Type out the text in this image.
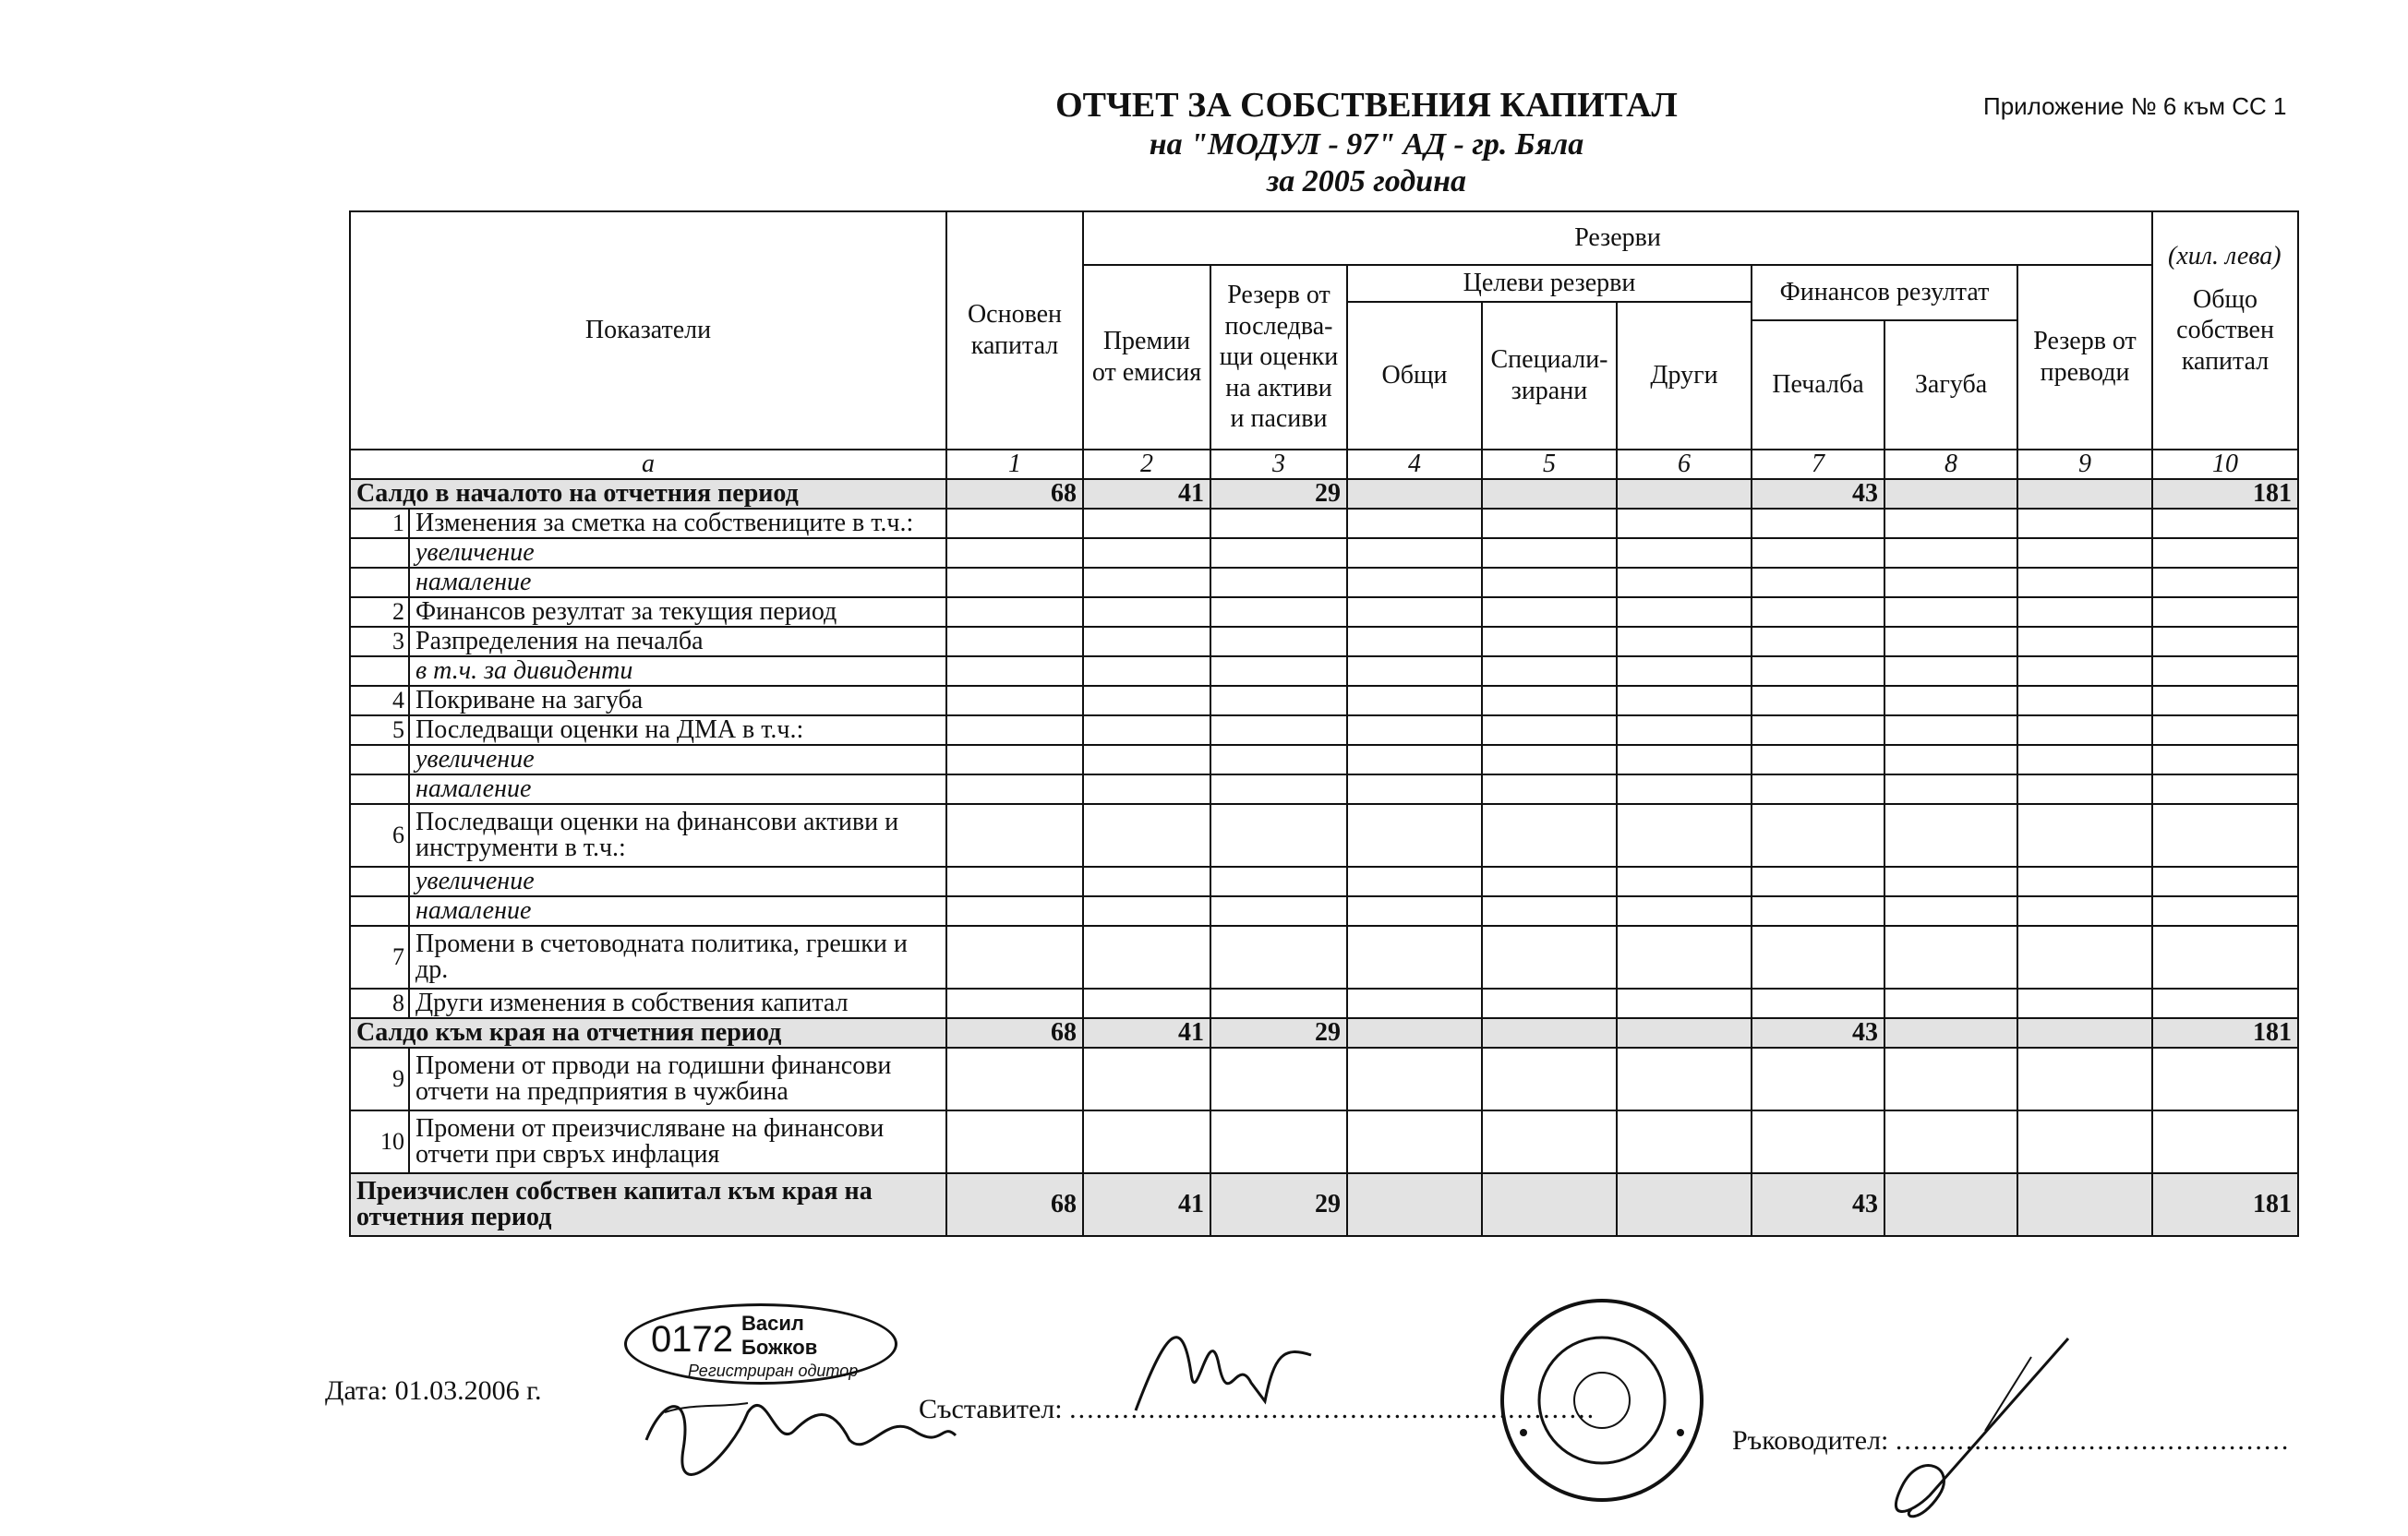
Приложение № 6 към СС 1
ОТЧЕТ ЗА СОБСТВЕНИЯ КАПИТАЛ
на "МОДУЛ - 97" АД - гр. Бяла
за 2005 година
(хил. лева)
Показатели		Основен капитал	Резерви								Общо собствен капитал
			Премии от емисия	Резерв от последва-щи оценки на активи и пасиви	Целеви резерви			Финансов резултат		Резерв от преводи	
					Общи	Специали-зирани	Други				
								Печалба	Загуба		
а		1	2	3	4	5	6	7	8	9	10
Салдо в началото на отчетния период		68	41	29				43			181
1	Изменения за сметка на собствениците в т.ч.:										
	увеличение										
	намаление										
2	Финансов резултат за текущия период										
3	Разпределения на печалба										
	в т.ч. за дивиденти										
4	Покриване на загуба										
5	Последващи оценки на ДМА в т.ч.:										
	увеличение										
	намаление										
6	Последващи оценки на финансови активи и инструменти в т.ч.:										
	увеличение										
	намаление										
7	Промени в счетоводната политика, грешки и др.										
8	Други изменения в собствения капитал										
Салдо към края на отчетния период		68	41	29				43			181
9	Промени от прводи на годишни финансови отчети на предприятия в чужбина										
10	Промени от преизчисляване на финансови отчети при свръх инфлация										
Преизчислен собствен капитал към края на отчетния период		68	41	29				43			181
Дата: 01.03.2006 г.
0172 Васил
Божков
Регистриран одитор
Съставител: ............................................................
Ръководител: .............................................
